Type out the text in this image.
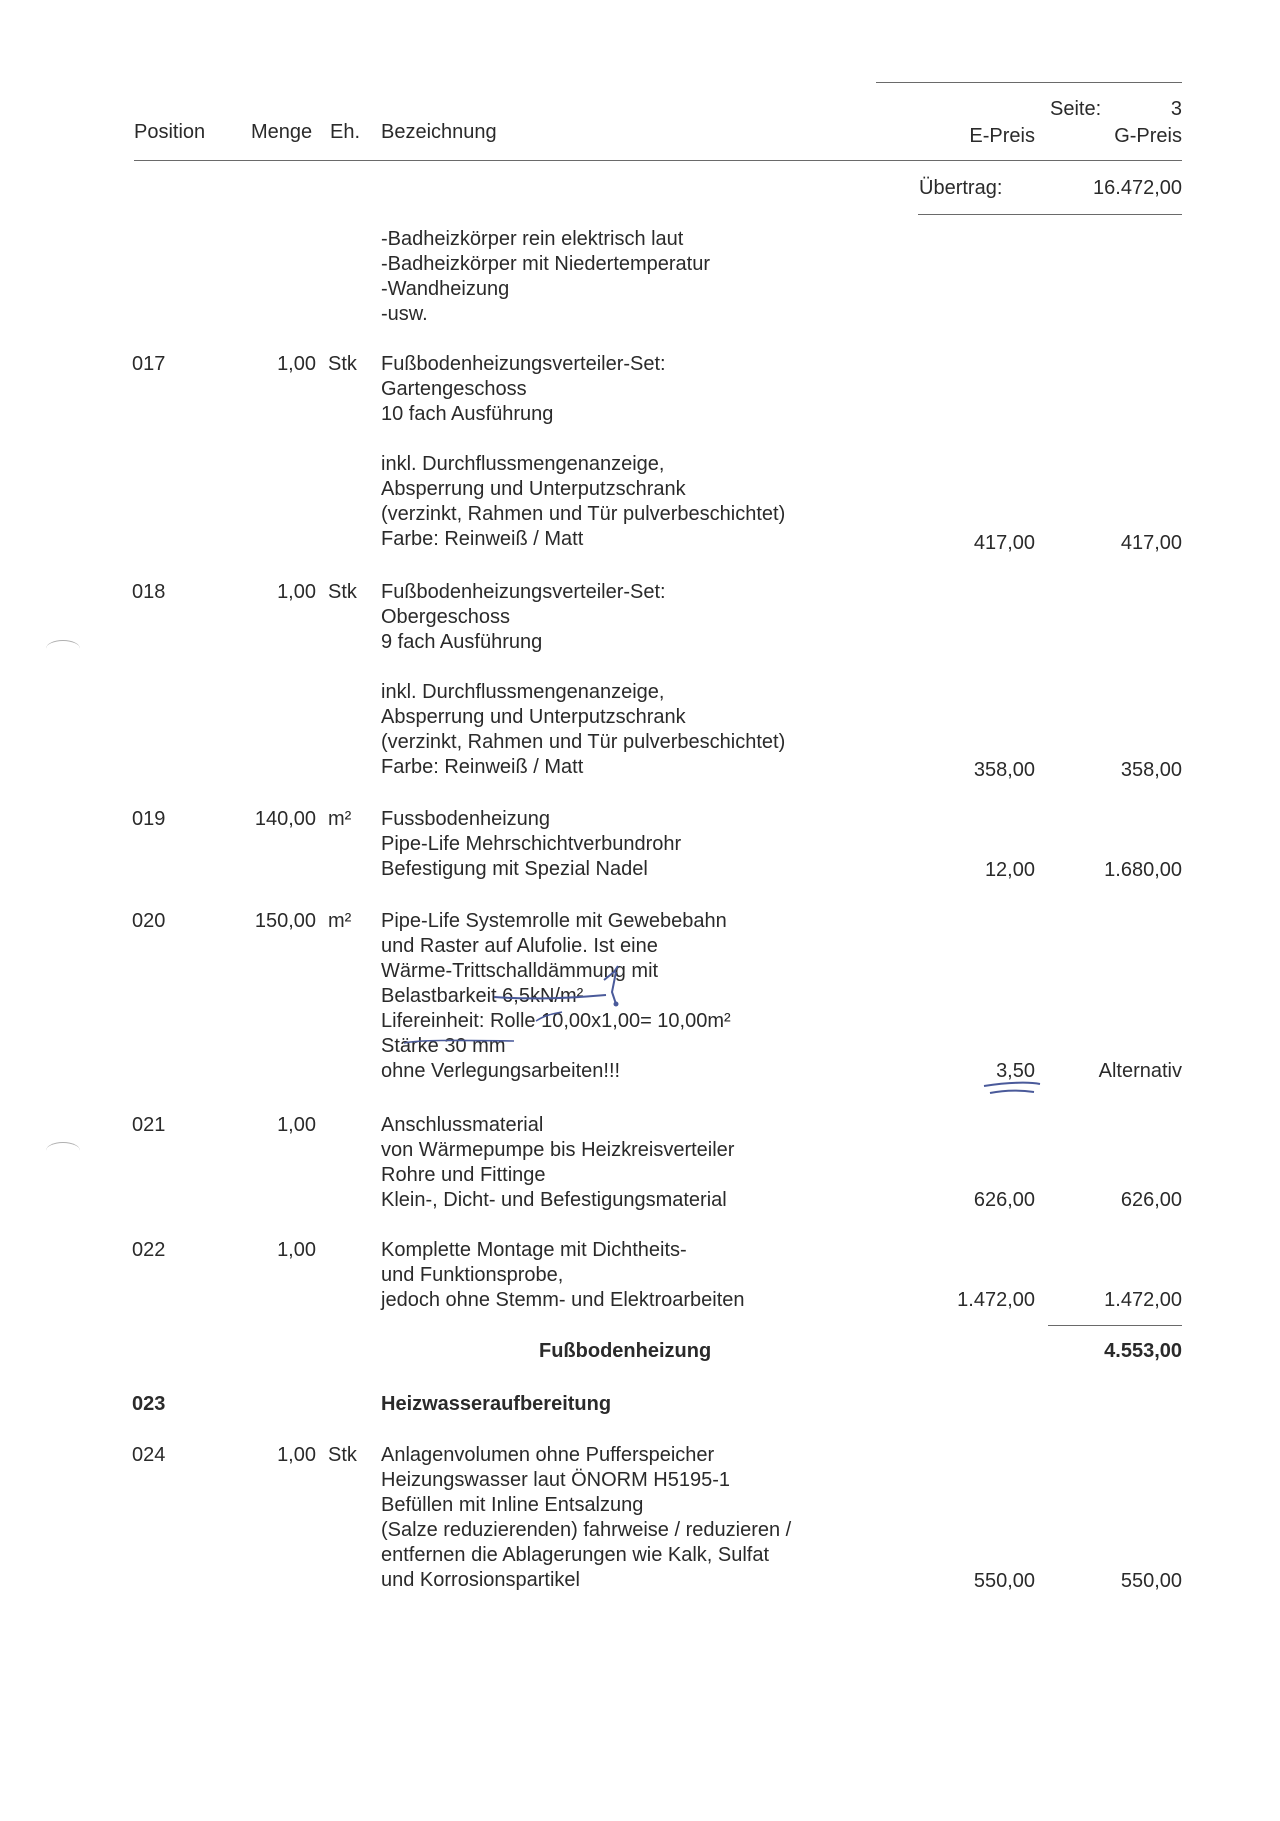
Seite:	3
Position Menge Eh. Bezeichnung	E-Preis	G-Preis
Übertrag:	16.472,00
-Badheizkörper rein elektrisch laut
-Badheizkörper mit Niedertemperatur
-Wandheizung
-usw.
017	1,00 Stk Fußbodenheizungsverteiler-Set:
Gartengeschoss
10 fach Ausführung
inkl. Durchflussmengenanzeige,
Absperrung und Unterputzschrank
(verzinkt, Rahmen und Tür pulverbeschichtet)
Farbe: Reinweiß / Matt	417,00	417,00
018	1,00 Stk Fußbodenheizungsverteiler-Set:
Obergeschoss
9 fach Ausführung
inkl. Durchflussmengenanzeige,
Absperrung und Unterputzschrank
(verzinkt, Rahmen und Tür pulverbeschichtet)
Farbe: Reinweiß / Matt	358,00	358,00
019	140,00 m² Fussbodenheizung
Pipe-Life Mehrschichtverbundrohr
Befestigung mit Spezial Nadel	12,00	1.680,00
020	150,00 m² Pipe-Life Systemrolle mit Gewebebahn
und Raster auf Alufolie. Ist eine
Wärme-Trittschalldämmung mit
Belastbarkeit 6,5kN/m²
Lifereinheit: Rolle 10,00x1,00= 10,00m²
Stärke 30 mm
ohne Verlegungsarbeiten!!!	3,50	Alternativ
021	1,00	Anschlussmaterial
von Wärmepumpe bis Heizkreisverteiler
Rohre und Fittinge
Klein-, Dicht- und Befestigungsmaterial	626,00	626,00
022	1,00	Komplette Montage mit Dichtheits-
und Funktionsprobe,
jedoch ohne Stemm- und Elektroarbeiten	1.472,00	1.472,00
Fußbodenheizung	4.553,00
023	Heizwasseraufbereitung
024	1,00 Stk Anlagenvolumen ohne Pufferspeicher
Heizungswasser laut ÖNORM H5195-1
Befüllen mit Inline Entsalzung
(Salze reduzierenden) fahrweise / reduzieren /
entfernen die Ablagerungen wie Kalk, Sulfat
und Korrosionspartikel	550,00	550,00
